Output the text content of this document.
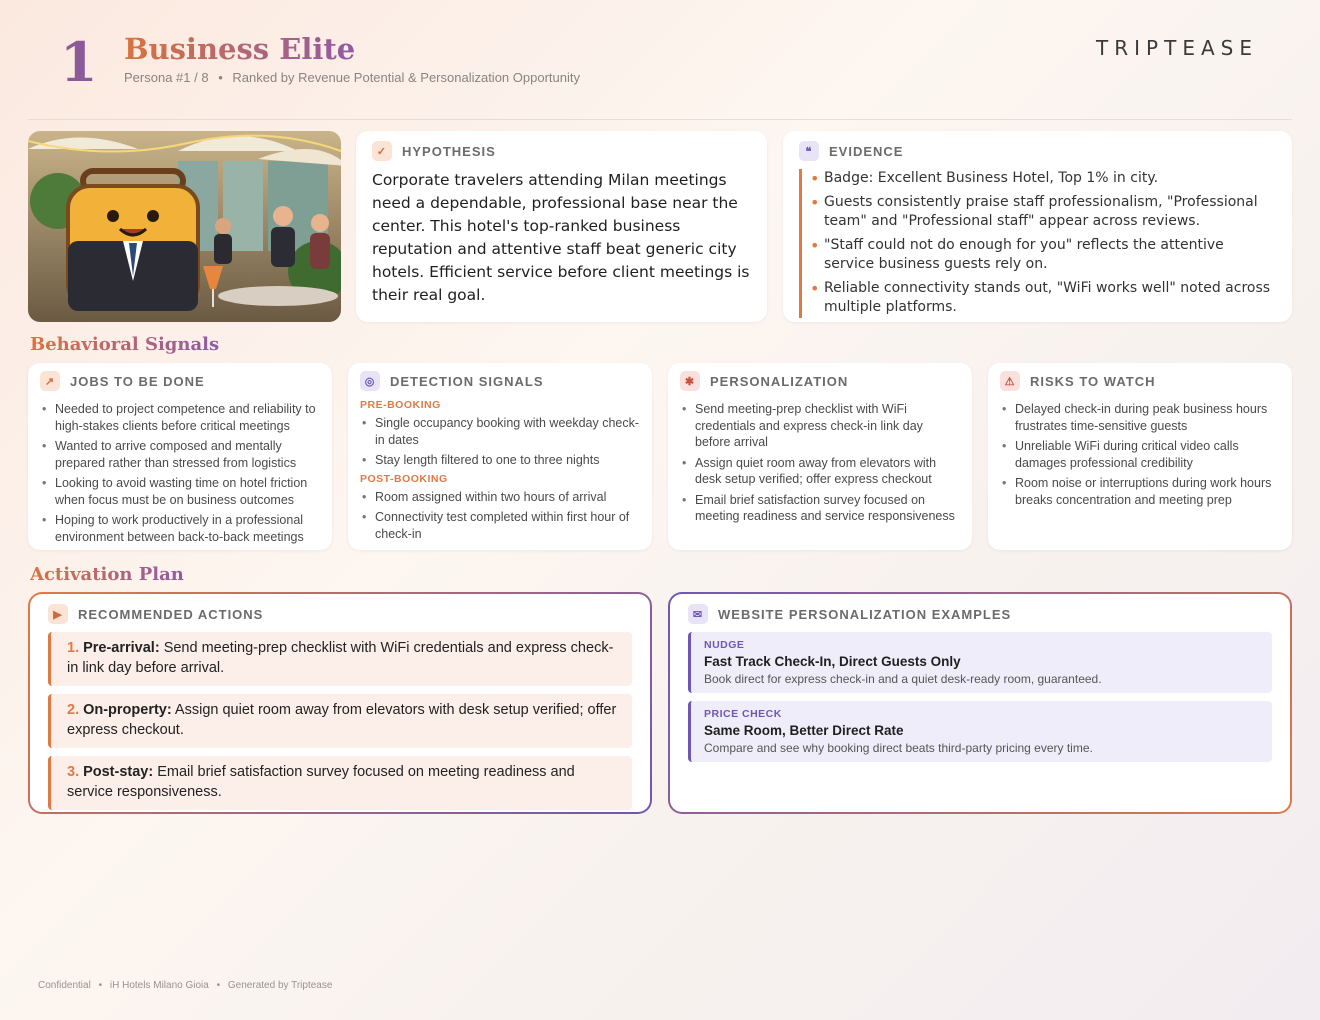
1 Business Elite
Persona #1 / 8 • Ranked by Revenue Potential & Personalization Opportunity
TRIPTEASE
✓	HYPOTHESIS
Corporate travelers attending Milan meetings need a dependable, professional base near the center. This hotel's top-ranked business reputation and attentive staff beat generic city hotels. Efficient service before client meetings is their real goal.
❝	EVIDENCE
• Badge: Excellent Business Hotel, Top 1% in city.
• Guests consistently praise staff professionalism, "Professional team" and "Professional staff" appear across reviews.
• "Staff could not do enough for you" reflects the attentive service business guests rely on.
• Reliable connectivity stands out, "WiFi works well" noted across multiple platforms.
Behavioral Signals
↗	JOBS TO BE DONE
• Needed to project competence and reliability to high-stakes clients before critical meetings
• Wanted to arrive composed and mentally prepared rather than stressed from logistics
• Looking to avoid wasting time on hotel friction when focus must be on business outcomes
• Hoping to work productively in a professional environment between back-to-back meetings
◎	DETECTION SIGNALS
PRE-BOOKING
• Single occupancy booking with weekday check-in dates
• Stay length filtered to one to three nights
POST-BOOKING
• Room assigned within two hours of arrival
• Connectivity test completed within first hour of check-in
✱	PERSONALIZATION
• Send meeting-prep checklist with WiFi credentials and express check-in link day before arrival
• Assign quiet room away from elevators with desk setup verified; offer express checkout
• Email brief satisfaction survey focused on meeting readiness and service responsiveness
⚠	RISKS TO WATCH
• Delayed check-in during peak business hours frustrates time-sensitive guests
• Unreliable WiFi during critical video calls damages professional credibility
• Room noise or interruptions during work hours breaks concentration and meeting prep
Activation Plan
▶	RECOMMENDED ACTIONS
1. Pre-arrival: Send meeting-prep checklist with WiFi credentials and express check-in link day before arrival.
2. On-property: Assign quiet room away from elevators with desk setup verified; offer express checkout.
3. Post-stay: Email brief satisfaction survey focused on meeting readiness and service responsiveness.
✉	WEBSITE PERSONALIZATION EXAMPLES
NUDGE
Fast Track Check-In, Direct Guests Only
Book direct for express check-in and a quiet desk-ready room, guaranteed.
PRICE CHECK
Same Room, Better Direct Rate
Compare and see why booking direct beats third-party pricing every time.
Confidential • iH Hotels Milano Gioia • Generated by Triptease
